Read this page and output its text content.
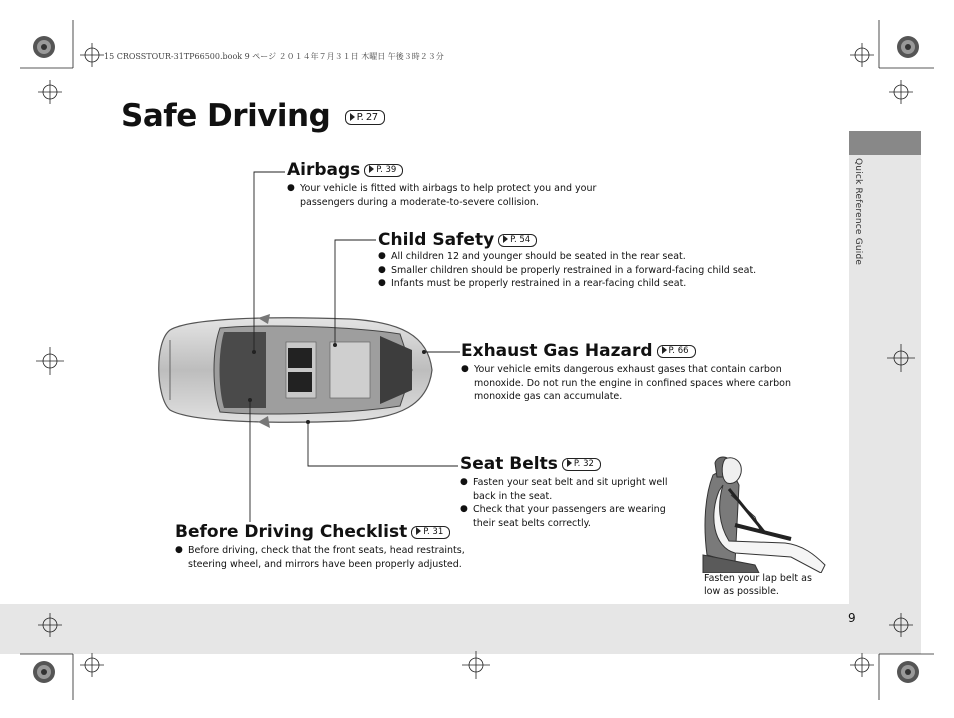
Quick Reference Guide
15 CROSSTOUR-31TP66500.book 9 ページ ２０１４年７月３１日 木曜日 午後３時２３分
Safe Driving	P. 27
Airbags P. 39
● Your vehicle is fitted with airbags to help protect you and your passengers during a moderate-to-severe collision.
Child Safety P. 54
● All children 12 and younger should be seated in the rear seat.
● Smaller children should be properly restrained in a forward-facing child seat.
● Infants must be properly restrained in a rear-facing child seat.
Exhaust Gas Hazard P. 66
● Your vehicle emits dangerous exhaust gases that contain carbon monoxide. Do not run the engine in confined spaces where carbon monoxide gas can accumulate.
Seat Belts P. 32
● Fasten your seat belt and sit upright well back in the seat.
● Check that your passengers are wearing their seat belts correctly.
Before Driving Checklist P. 31
● Before driving, check that the front seats, head restraints, steering wheel, and mirrors have been properly adjusted.
Fasten your lap belt as low as possible.
9
